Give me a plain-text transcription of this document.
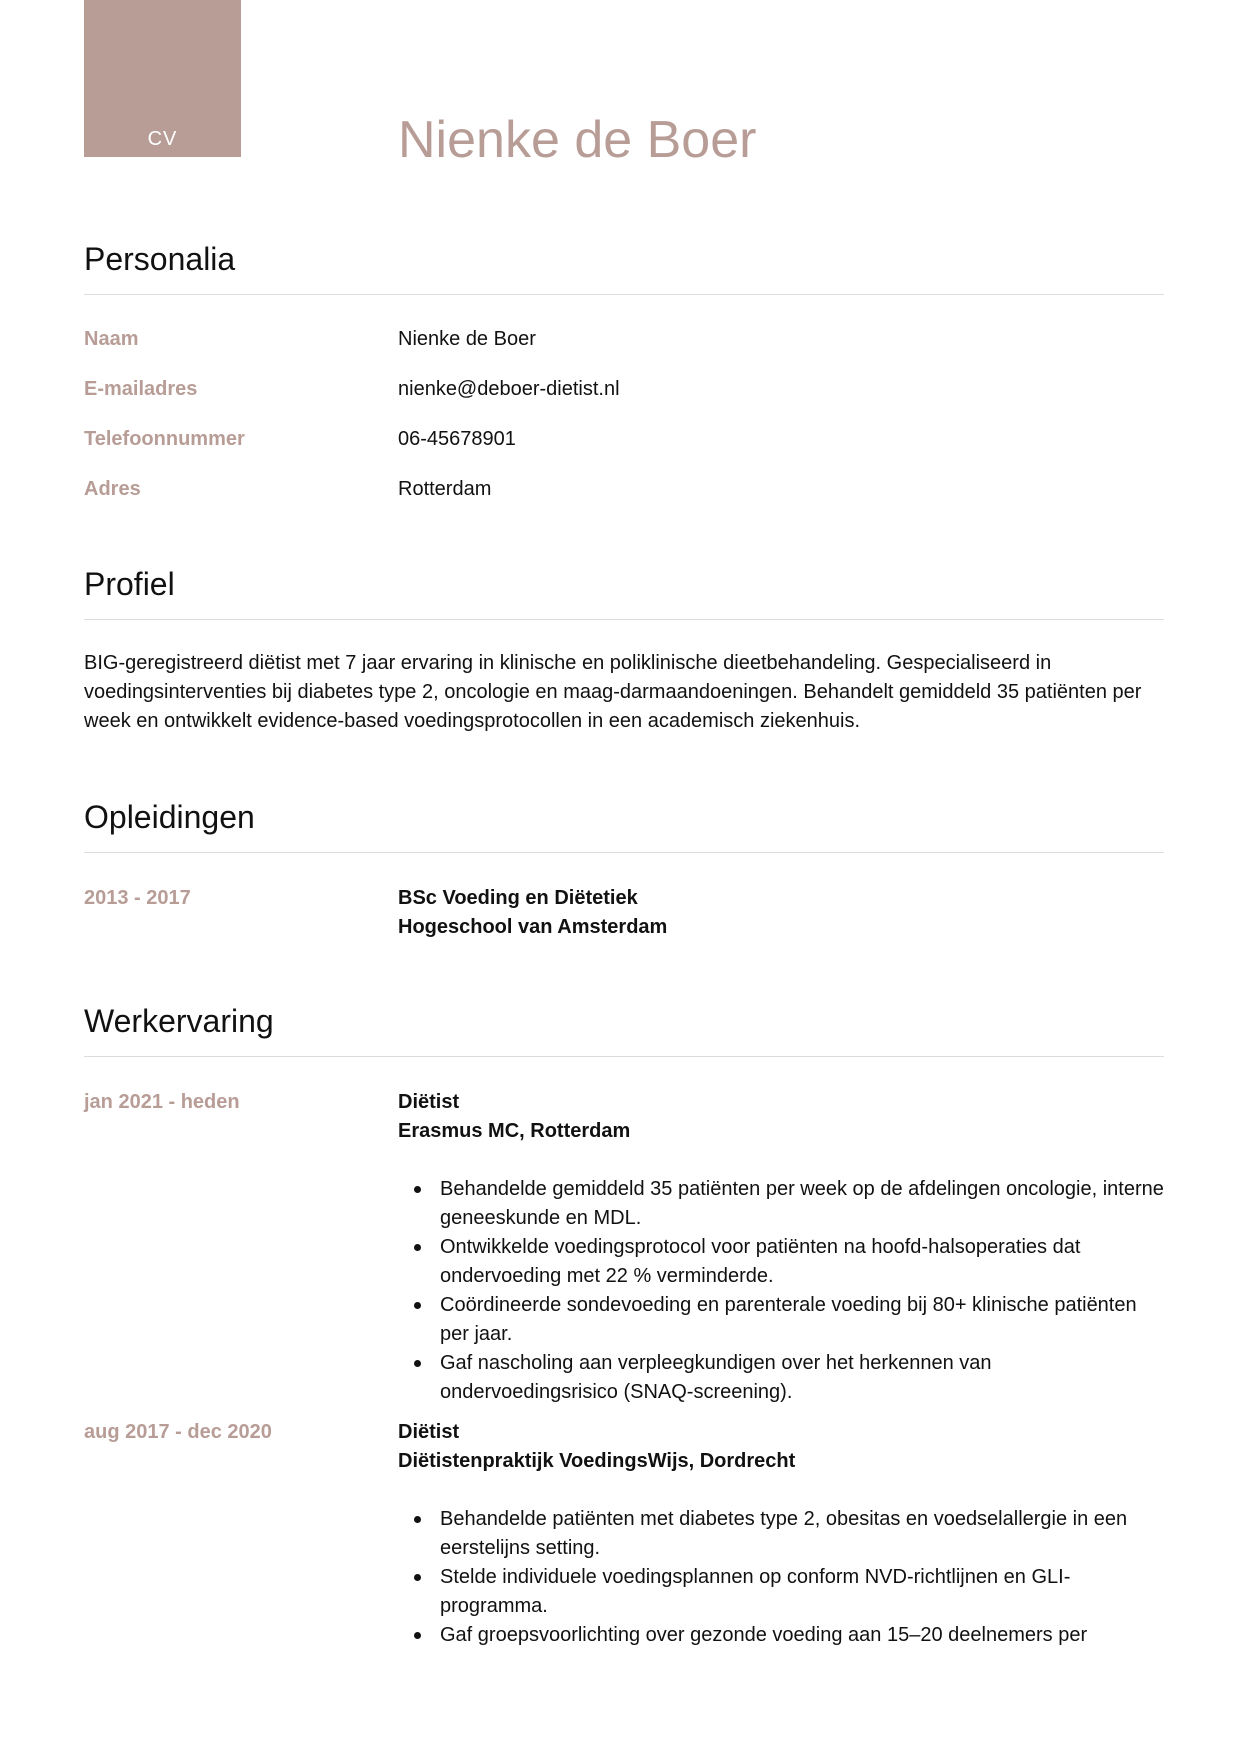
CV	Nienke de Boer
Personalia
Naam	Nienke de Boer
E-mailadres	nienke@deboer-dietist.nl
Telefoonnummer	06-45678901
Adres	Rotterdam
Profiel

BIG-geregistreerd diëtist met 7 jaar ervaring in klinische en poliklinische dieetbehandeling. Gespecialiseerd in voedingsinterventies bij diabetes type 2, oncologie en maag-darmaandoeningen. Behandelt gemiddeld 35 patiënten per week en ontwikkelt evidence-based voedingsprotocollen in een academisch ziekenhuis.

Opleidingen
2013 - 2017	BSc Voeding en Diëtetiek
Hogeschool van Amsterdam
Werkervaring
jan 2021 - heden	Diëtist
Erasmus MC, Rotterdam
Behandelde gemiddeld 35 patiënten per week op de afdelingen oncologie, interne geneeskunde en MDL.
Ontwikkelde voedingsprotocol voor patiënten na hoofd-halsoperaties dat ondervoeding met 22 % verminderde.
Coördineerde sondevoeding en parenterale voeding bij 80+ klinische patiënten per jaar.
Gaf nascholing aan verpleegkundigen over het herkennen van ondervoedingsrisico (SNAQ-screening).
aug 2017 - dec 2020	Diëtist
Diëtistenpraktijk VoedingsWijs, Dordrecht
Behandelde patiënten met diabetes type 2, obesitas en voedselallergie in een eerstelijns setting.
Stelde individuele voedingsplannen op conform NVD-richtlijnen en GLI-programma.
Gaf groepsvoorlichting over gezonde voeding aan 15–20 deelnemers per
